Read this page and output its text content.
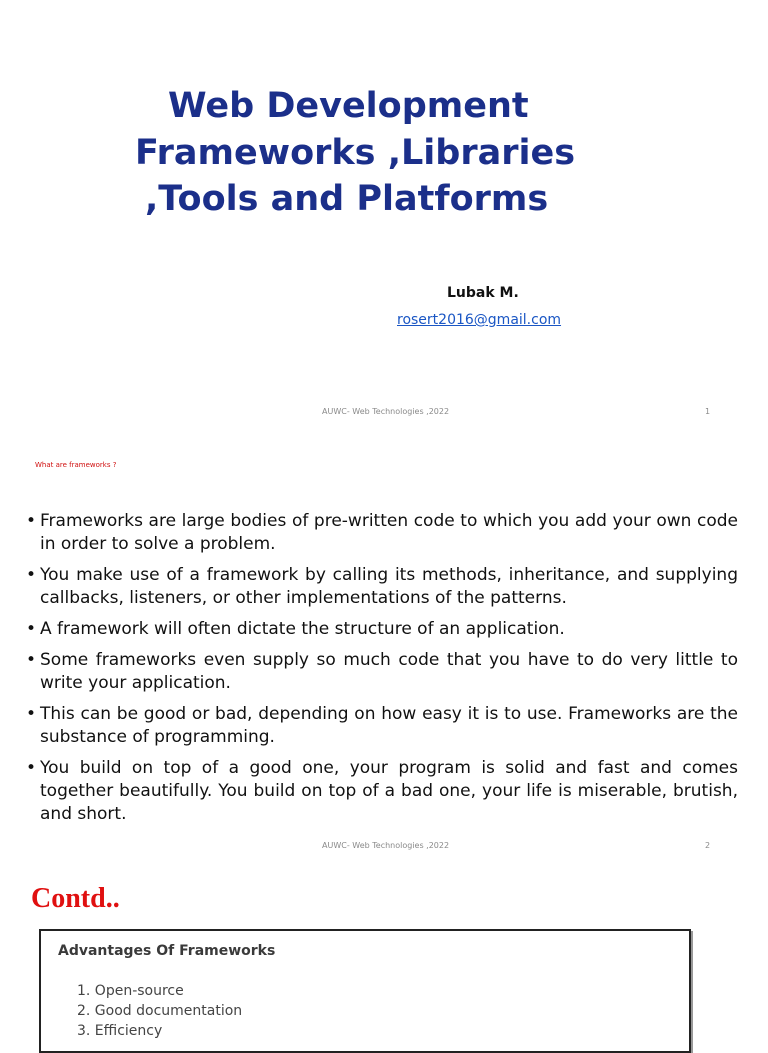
Web Development
Frameworks ,Libraries
,Tools and Platforms
Lubak M.
rosert2016@gmail.com
AUWC- Web Technologies ,2022	1
What are frameworks ?
• Frameworks are large bodies of pre-written code to which you add your own code in order to solve a problem.
• You make use of a framework by calling its methods, inheritance, and supplying callbacks, listeners, or other implementations of the patterns.
• A framework will often dictate the structure of an application.
• Some frameworks even supply so much code that you have to do very little to write your application.
• This can be good or bad, depending on how easy it is to use. Frameworks are the substance of programming.
• You build on top of a good one, your program is solid and fast and comes together beautifully. You build on top of a bad one, your life is miserable, brutish, and short.
AUWC- Web Technologies ,2022	2
Contd..
Advantages Of Frameworks
1. Open-source
2. Good documentation
3. Efficiency
